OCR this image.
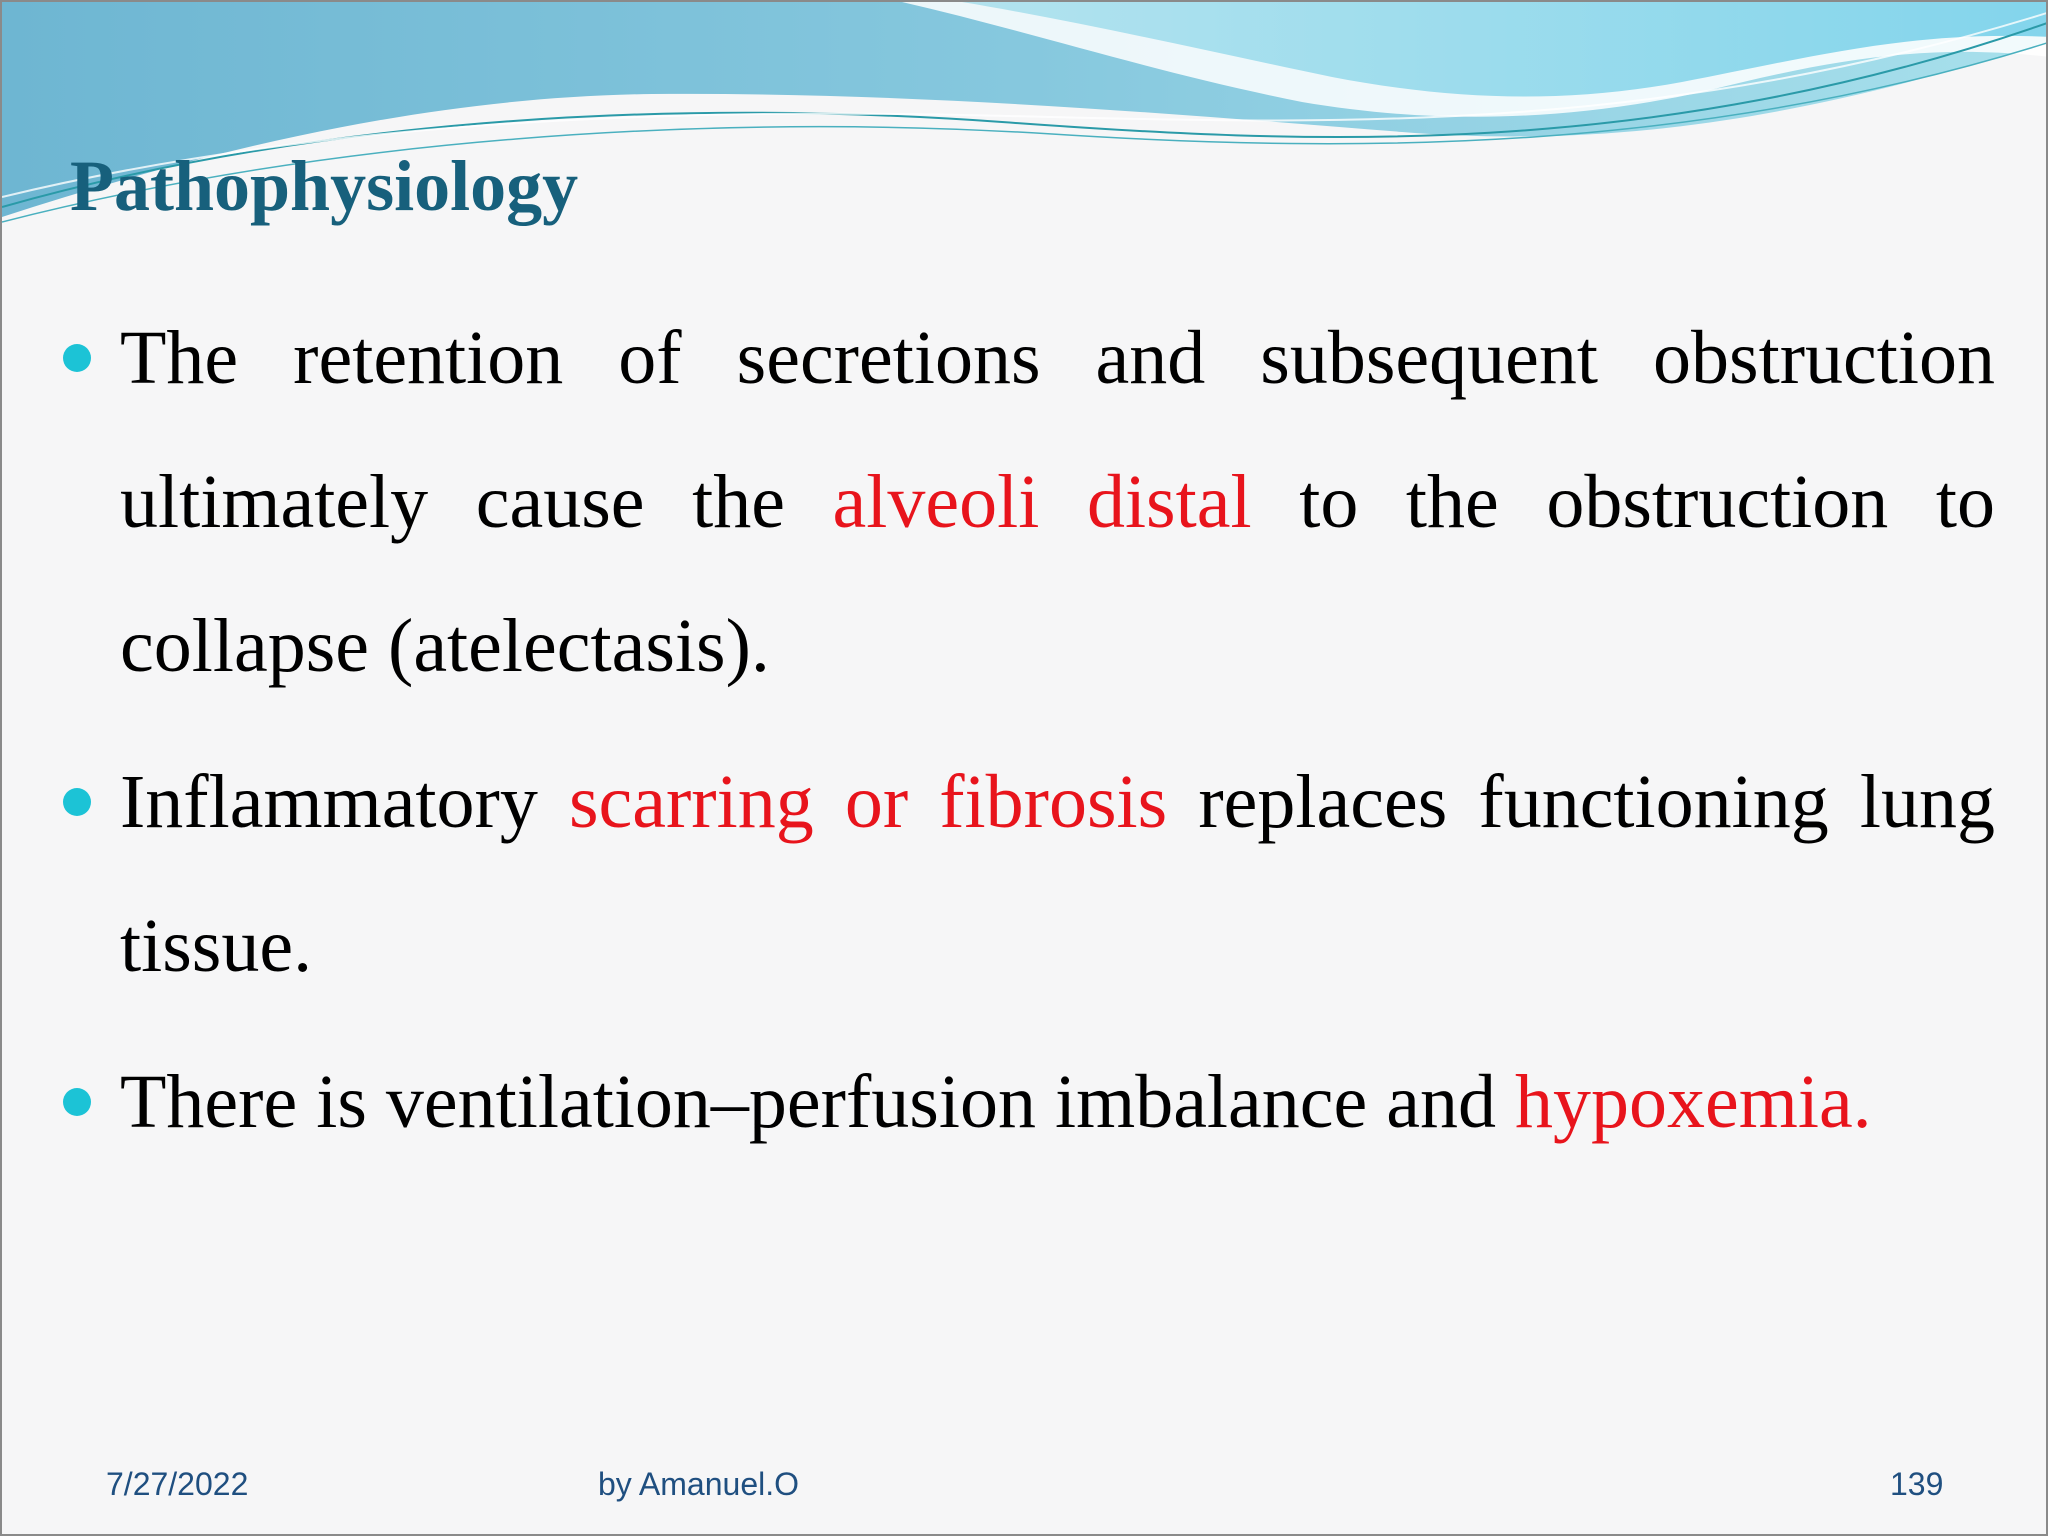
Pathophysiology
The retention of secretions and subsequent obstruction ultimately cause the alveoli distal to the obstruction to collapse (atelectasis).
Inflammatory scarring or fibrosis replaces functioning lung tissue.
There is ventilation–perfusion imbalance and hypoxemia.
7/27/2022	by Amanuel.O	139
